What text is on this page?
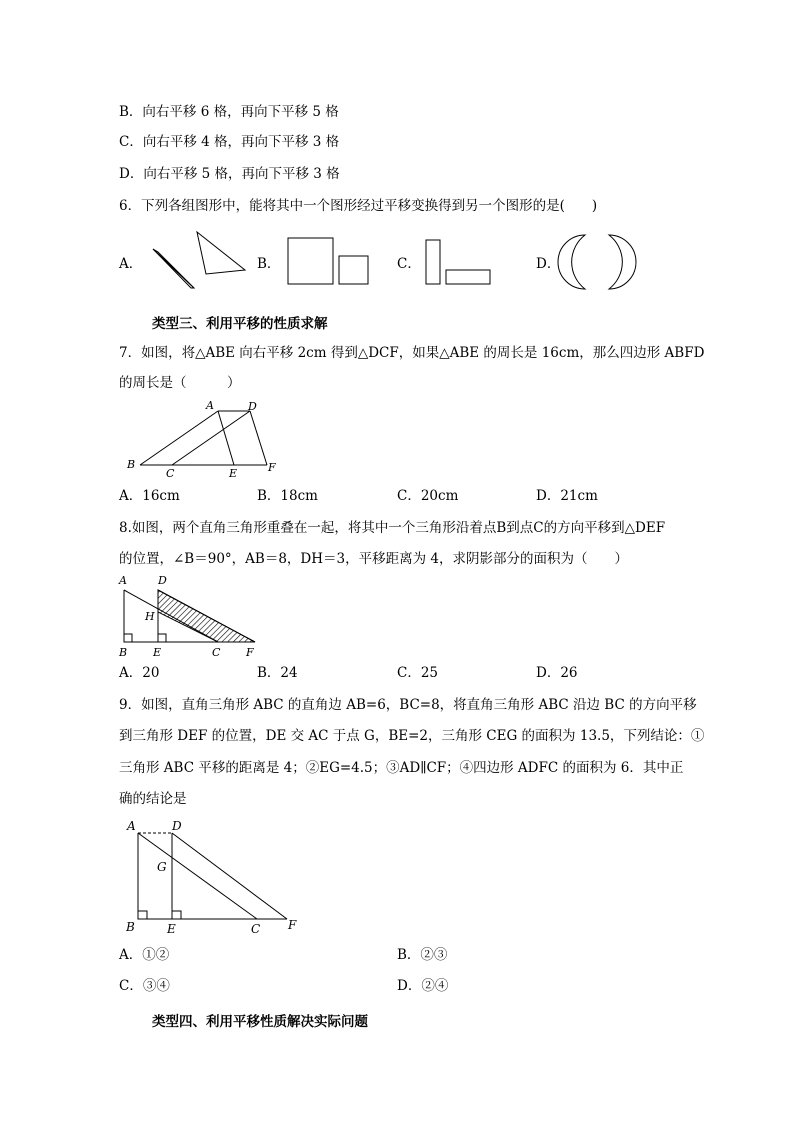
B．向右平移 6 格，再向下平移 5 格
C．向右平移 4 格，再向下平移 3 格
D．向右平移 5 格，再向下平移 3 格
6．下列各组图形中，能将其中一个图形经过平移变换得到另一个图形的是(　　)
A．	B．	C．	D．
类型三、利用平移的性质求解
7．如图，将△ABE 向右平移 2cm 得到△DCF，如果△ABE 的周长是 16cm，那么四边形 ABFD
的周长是（　　　）
A	D
B
C	E	F
A．16cm	B．18cm	C．20cm	D．21cm
8.如图，两个直角三角形重叠在一起，将其中一个三角形沿着点B到点C的方向平移到△DEF
的位置，∠B＝90°，AB＝8，DH＝3，平移距离为 4，求阴影部分的面积为（　　）
A	D
H
B E	C F
A．20	B．24	C．25	D．26
9．如图，直角三角形 ABC 的直角边 AB=6，BC=8，将直角三角形 ABC 沿边 BC 的方向平移
到三角形 DEF 的位置，DE 交 AC 于点 G，BE=2，三角形 CEG 的面积为 13.5，下列结论：①
三角形 ABC 平移的距离是 4；②EG=4.5；③AD∥CF；④四边形 ADFC 的面积为 6．其中正
确的结论是
A	D
G
B	E	C F
A．①②	B．②③
C．③④	D．②④
类型四、利用平移性质解决实际问题
